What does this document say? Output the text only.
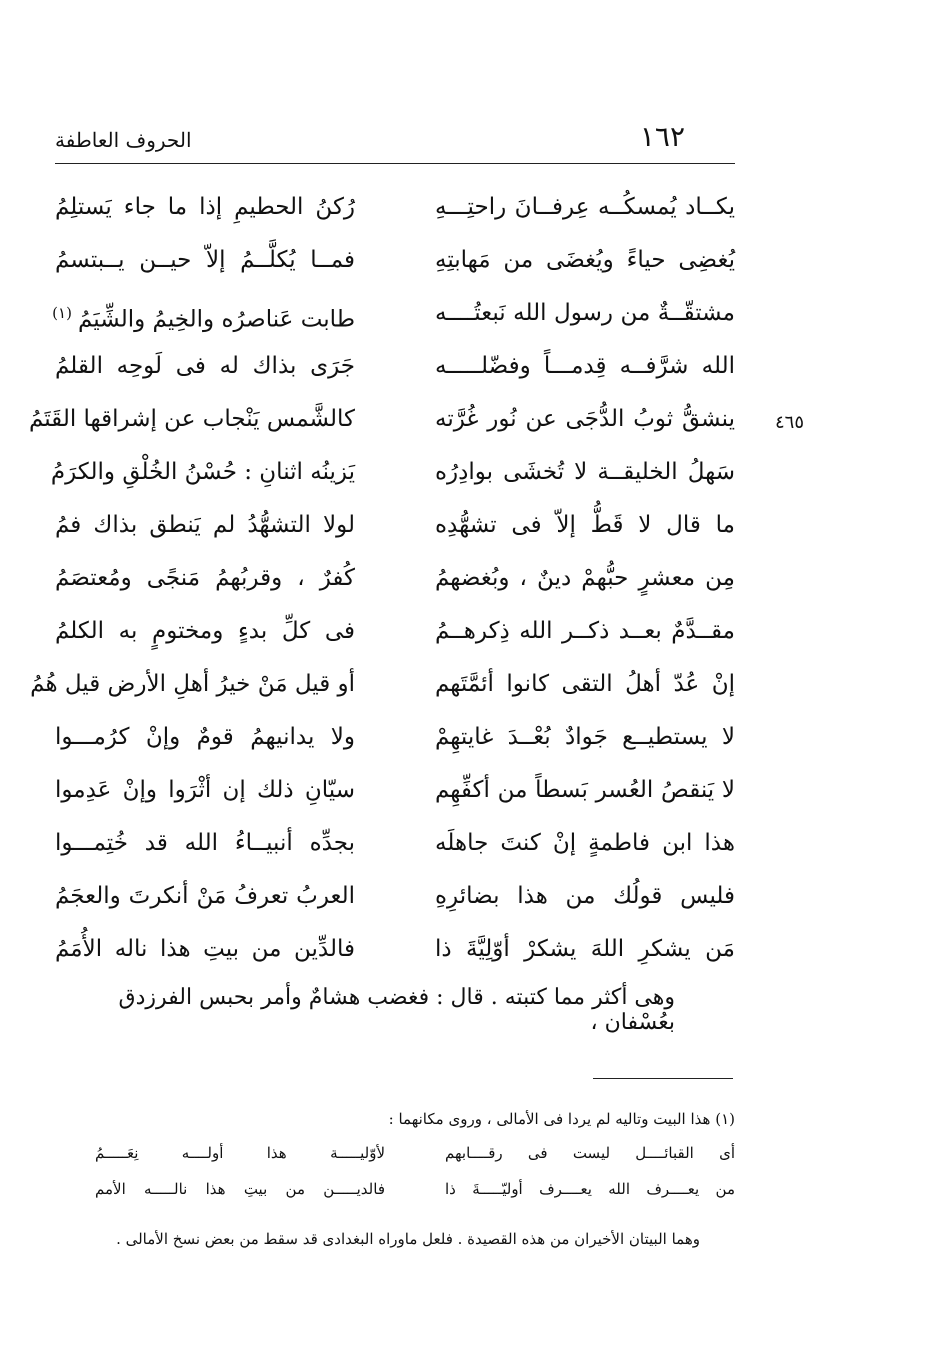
١٦٢
الحروف العاطفة
٤٦٥
يكــاد يُمسكُــه عِرفــانَ راحتِـــهِ
رُكنُ الحطيمِ إذا ما جاء يَستلِمُ
يُغضِى حياءً ويُغضَى من مَهابتِهِ
فمــا يُكلَّــمُ إلاّ حيــن يــبتسمُ
مشتقّــةٌ من رسول الله نَبعتُــــه
طابت عَناصرُه والخِيمُ والشِّيَمُ$^{(١)}$
الله شرَّفــه قِدمـــاً وفضّلـــــه
جَرَى بذاك له فى لَوحِه القلمُ
ينشقُّ ثوبُ الدُّجَى عن نُور غُرَّته
كالشَّمس يَنْجاب عن إشراقها القَتَمُ
سَهلُ الخليقــة لا تُخشَى بوادِرُه
يَزينُه اثنانِ : حُسْنُ الخُلْقِ والكرَمُ
ما قال لا قَطُّ إلاّ فى تشهُّدِه
لولا التشهُّدُ لم يَنطق بذاك فمُ
مِن معشرٍ حبُّهمْ دينٌ ، وبُغضهمُ
كُفرٌ ، وقربُهمُ مَنجًى ومُعتصَمُ
مقــدَّمٌ بعــد ذكــر الله ذِكرهــمُ
فى كلِّ بدءٍ ومختومٍ به الكلمُ
إنْ عُدّ أهلُ التقى كانوا أئمَّتَهم
أو قيل مَنْ خيرُ أهلِ الأرض قيل هُمُ
لا يستطيــع جَوادٌ بُعْــدَ غايتهِمْ
ولا يدانيهمُ قومٌ وإنْ كرُمـــوا
لا يَنقصُ العُسر بَسطاً من أكفِّهِم
سيّانِ ذلك إن أثْرَوا وإنْ عَدِموا
هذا ابن فاطمةٍ إنْ كنتَ جاهلَه
بجدِّه أنبيــاءُ الله قد خُتِمـــوا
فليس قولُك من هذا بضائرِهِ
العربُ تعرفُ مَنْ أنكرتَ والعجَمُ
مَن يشكرِ اللهَ يشكرْ أوّلِيَّةَ ذا
فالدِّين من بيتِ هذا ناله الأُمَمُ
وهى أكثر مما كتبته . قال : فغضب هشامٌ وأمر بحبس الفرزدق بعُسْفان ،
(١) هذا البيت وتاليه لم يردا فى الأمالى ، وروى مكانهما :
أى القبائــــل ليست فى رقــــابهم
لأوّليـــــة هذا أولــــه نِعَـــــمُ
من يعــــرف الله يعــــرف أوليّـــــةَ ذا
فالديـــــن من بيتِ هذا نالـــــه الأمم
وهما البيتان الأخيران من هذه القصيدة . فلعل ماوراه البغدادى قد سقط من بعض نسخ الأمالى .
